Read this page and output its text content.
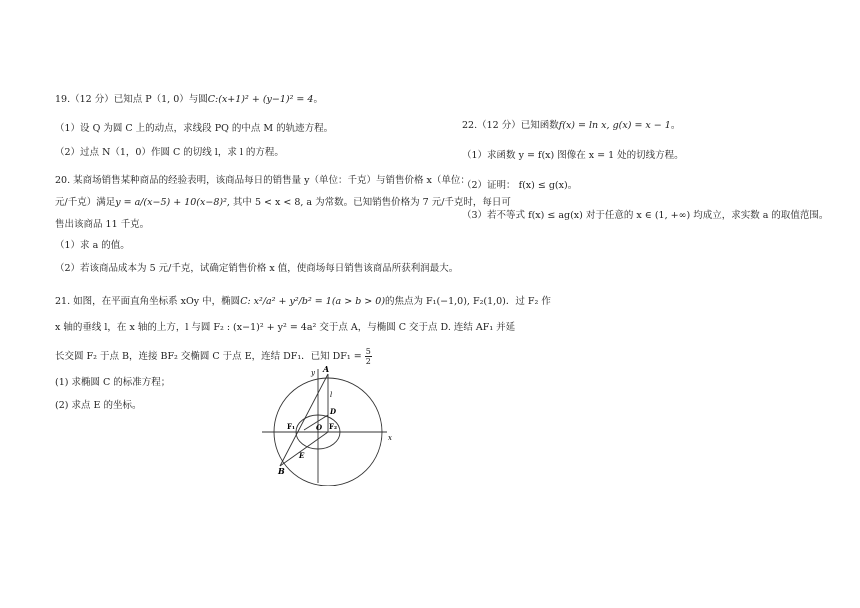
19.（12 分）已知点 P（1, 0）与圆C:(x+1)² + (y−1)² = 4。
（1）设 Q 为圆 C 上的动点，求线段 PQ 的中点 M 的轨迹方程。
（2）过点 N（1，0）作圆 C 的切线 l，求 l 的方程。
20. 某商场销售某种商品的经验表明，该商品每日的销售量 y（单位：千克）与销售价格 x（单位：
元/千克）满足y = a/(x−5) + 10(x−8)², 其中 5 < x < 8, a 为常数。已知销售价格为 7 元/千克时，每日可
售出该商品 11 千克。
（1）求 a 的值。
（2）若该商品成本为 5 元/千克，试确定销售价格 x 值，使商场每日销售该商品所获利润最大。
21. 如图，在平面直角坐标系 xOy 中，椭圆C: x²/a² + y²/b² = 1(a > b > 0)的焦点为 F₁(−1,0), F₂(1,0)．过 F₂ 作
x 轴的垂线 l，在 x 轴的上方，l 与圆 F₂ : (x−1)² + y² = 4a² 交于点 A，与椭圆 C 交于点 D. 连结 AF₁ 并延
长交圆 F₂ 于点 B，连接 BF₂ 交椭圆 C 于点 E，连结 DF₁．已知 $DF_1 = \frac{5}{2}$
(1) 求椭圆 C 的标准方程；
(2) 求点 E 的坐标。
22.（12 分）已知函数f(x) = ln x, g(x) = x − 1。
（1）求函数 y = f(x) 图像在 x = 1 处的切线方程。
（2）证明： f(x) ≤ g(x)。
（3）若不等式 f(x) ≤ ag(x) 对于任意的 x ∈ (1, +∞) 均成立，求实数 a 的取值范围。
y
x
A
l
D
F₁	O F₂
E
B
